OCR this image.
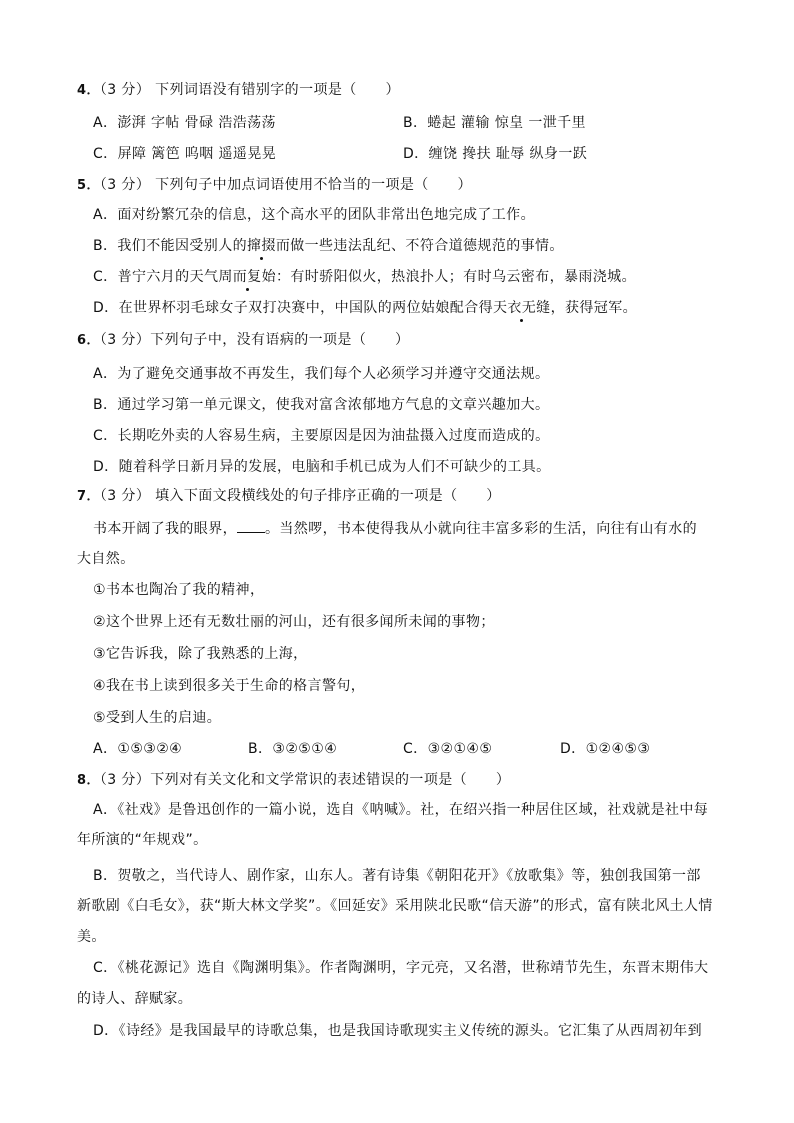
4．（3 分） 下列词语没有错别字的一项是（　　）
A．澎湃 字帖 骨碌 浩浩荡荡	B．蜷起 灌输 惊皇 一泄千里
C．屏障 篱笆 呜咽 遥遥晃晃	D．缠饶 搀扶 耻辱 纵身一跃
5．（3 分） 下列句子中加点词语使用不恰当的一项是（　　）
A．面对纷繁冗杂的信息，这个高水平的团队非常出色地完成了工作。
B．我们不能因受别人的撺掇而做一些违法乱纪、不符合道德规范的事情。
C．普宁六月的天气周而复始：有时骄阳似火，热浪扑人；有时乌云密布，暴雨浇城。
D．在世界杯羽毛球女子双打决赛中，中国队的两位姑娘配合得天衣无缝，获得冠军。
6．（3 分）下列句子中，没有语病的一项是（　　）
A．为了避免交通事故不再发生，我们每个人必须学习并遵守交通法规。
B．通过学习第一单元课文，使我对富含浓郁地方气息的文章兴趣加大。
C．长期吃外卖的人容易生病，主要原因是因为油盐摄入过度而造成的。
D．随着科学日新月异的发展，电脑和手机已成为人们不可缺少的工具。
7．（3 分） 填入下面文段横线处的句子排序正确的一项是（　　）
书本开阔了我的眼界， 。当然啰，书本使得我从小就向往丰富多彩的生活，向往有山有水的
大自然。
①书本也陶冶了我的精神，
②这个世界上还有无数壮丽的河山，还有很多闻所未闻的事物；
③它告诉我，除了我熟悉的上海，
④我在书上读到很多关于生命的格言警句，
⑤受到人生的启迪。
A．①⑤③②④	B．③②⑤①④	C．③②①④⑤	D．①②④⑤③
8．（3 分）下列对有关文化和文学常识的表述错误的一项是（　　）
A．《社戏》是鲁迅创作的一篇小说，选自《呐喊》。社，在绍兴指一种居住区域，社戏就是社中每
年所演的“年规戏”。
B．贺敬之，当代诗人、剧作家，山东人。著有诗集《朝阳花开》《放歌集》等，独创我国第一部
新歌剧《白毛女》，获“斯大林文学奖”。《回延安》采用陕北民歌“信天游”的形式，富有陕北风土人情
美。
C．《桃花源记》选自《陶渊明集》。作者陶渊明，字元亮，又名潜，世称靖节先生，东晋末期伟大
的诗人、辞赋家。
D．《诗经》是我国最早的诗歌总集，也是我国诗歌现实主义传统的源头。它汇集了从西周初年到
